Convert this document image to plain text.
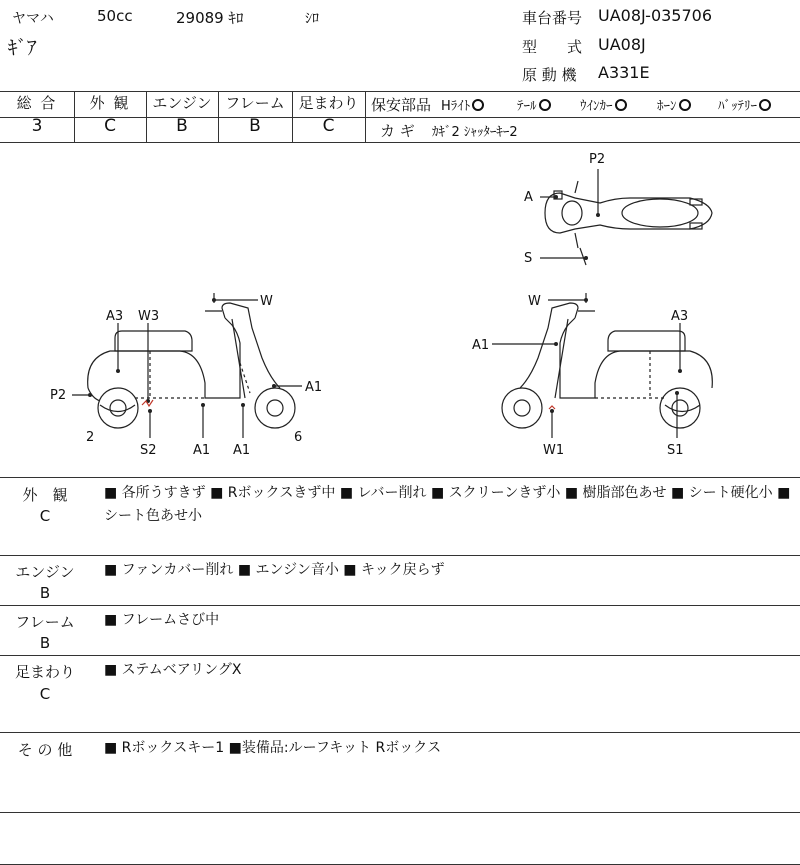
ヤマハ	50cc	29089 ｷﾛ	ｼﾛ
ｷﾞｱ
車台番号 UA08J-035706
型　　式 UA08J
原 動 機 A331E
総 合
3
外 観
C
エンジン
B
フレーム
B
足まわり
C
保安部品 Hﾗｲﾄ	ﾃｰﾙ	ｳｲﾝｶｰ	ﾎｰﾝ	ﾊﾞｯﾃﾘｰ
カ ギ ｶｷﾞ2 ｼｬｯﾀｰｷｰ2
P2
A
S
W
A3 W3
P2
A1
2
S2	A1 A1
6
W
A3
A1
W1	S1
外　観
C
■ 各所うすきず ■ Rボックスきず中 ■ レバー削れ ■ スクリーンきず小 ■ 樹脂部色あせ ■ シート硬化小 ■ シート色あせ小
エンジン
B
■ ファンカバー削れ ■ エンジン音小 ■ キック戻らず
フレーム
B
■ フレームさび中
足まわり
C
■ ステムベアリングX
そ の 他	■ Rボックスキー1 ■装備品:ルーフキット Rボックス
